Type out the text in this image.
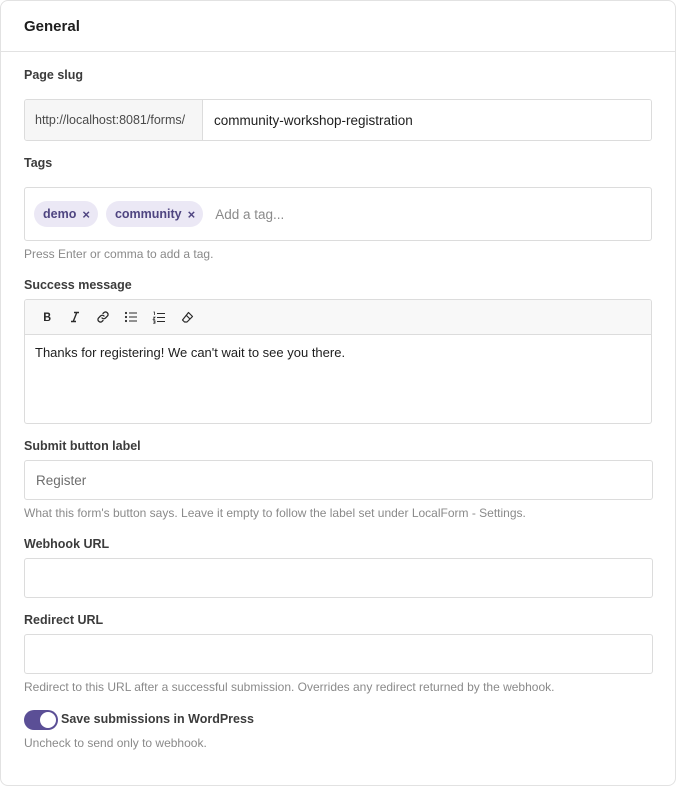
General
Page slug
http://localhost:8081/forms/
community-workshop-registration
Tags
demo × community ×
Add a tag...
Press Enter or comma to add a tag.
Success message
Thanks for registering! We can't wait to see you there.
Submit button label
Register
What this form's button says. Leave it empty to follow the label set under LocalForm - Settings.
Webhook URL
Redirect URL
Redirect to this URL after a successful submission. Overrides any redirect returned by the webhook.
Save submissions in WordPress
Uncheck to send only to webhook.
